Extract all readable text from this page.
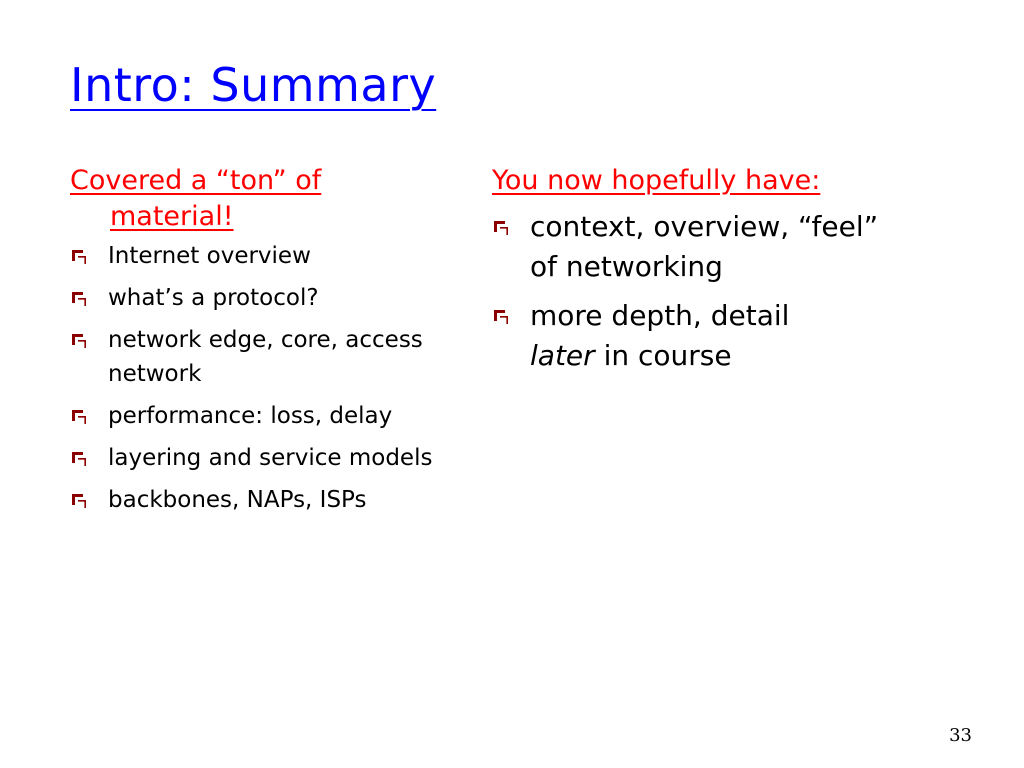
Intro: Summary
Covered a “ton” of material!
Internet overview
what’s a protocol?
network edge, core, access network
performance: loss, delay
layering and service models
backbones, NAPs, ISPs
You now hopefully have:
context, overview, “feel” of networking
more depth, detail
later in course
33
